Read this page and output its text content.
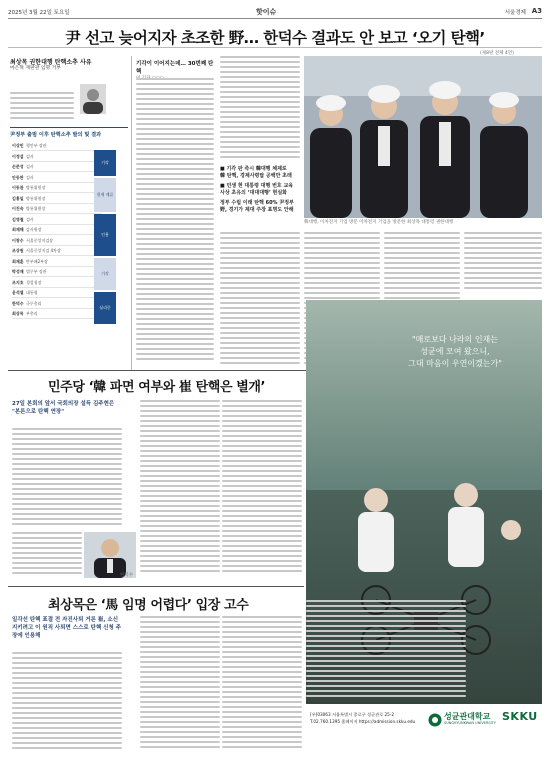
2025년 3월 22일 토요일	핫이슈	서울경제 A3
尹 선고 늦어지자 초조한 野… 한덕수 결과도 안 보고 ‘오기 탄핵’
(제8판 전체 4면)
최상목 권한대행 탄핵소추 사유
마은혁 재판관 임명 거부
尹정부 출범 이후 탄핵소추 발의 및 결과
이상민 행안부 장관
이정섭 검사
손준성 검사
안동완 검사
이동관 방통위원장
김홍일 방통위원장
이진숙 방통위원장
김영철 검사
최재해 감사원장
이창수 서울중앙지검장
조상원 서울중앙지검 4차장
최재훈 반부패2부장
박성재 법무부 장관
조지호 경찰청장
윤석열 대통령
한덕수 국무총리
최상목 부총리
기각
헌재 계류
인용
기각
심리중
기각이 이어지는데… 30번째 탄핵
■ 기각 판 즉시 韓대행 체제로
韓 탄핵, 경제사령탑 공백만 초래
■ 민생 현 대통령 대행 번호 교육
사상 초유의 ‘대대대행’ 현실화
정부 수립 이래 탄핵 60% 尹정부
野, 경기가 제대 주장 표명도 안해
韓대행, 이차전지 기업 방문 이차전지 기업을 방문한 최상목 대통령 권한대행
민주당 ‘韓 파면 여부와 崔 탄핵은 별개’
27일 본회의 앞서 국회의장 설득 김주현은 "본론으로 탄핵 연장"
한덕수
최상목은 ‘馬 임명 어렵다’ 입장 고수
일각선 탄핵 표결 전 자진사퇴 거론 崔, 소신지키려고 이 원직 사퇴면 스스로 탄핵 신청 주장에 인용해
"매로보다 나라의 인재는
성균에 모여 왔으니,
그대 마음이 우연이겠는가"
[우]03063 서울특별시 종로구 성균관로 25-2
T.02.760.1395 홈페이지 https://admission.skku.edu
성균관대학교
SUNGKYUNKWAN UNIVERSITY SKKU
